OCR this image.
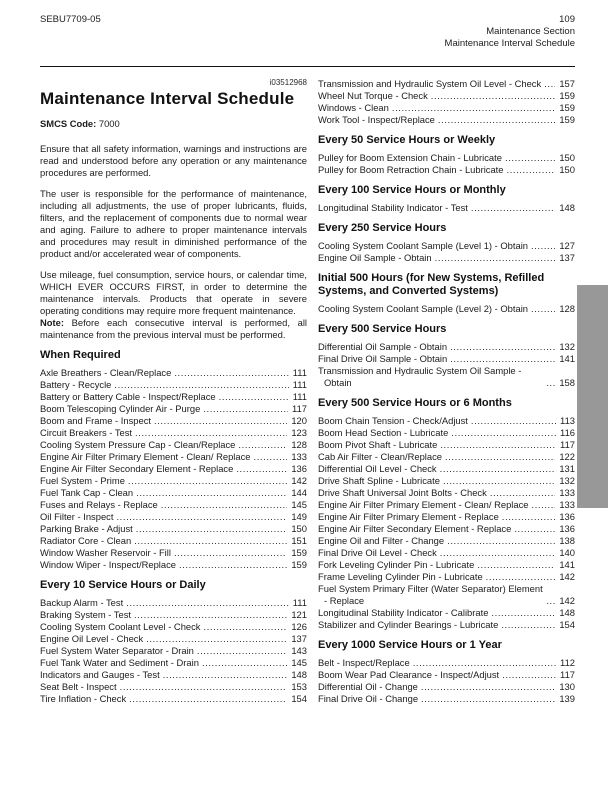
SEBU7709-05	109
Maintenance Section
Maintenance Interval Schedule
i03512968
Maintenance Interval Schedule

SMCS Code: 7000

Ensure that all safety information, warnings and instructions are read and understood before any operation or any maintenance procedures are performed.

The user is responsible for the performance of maintenance, including all adjustments, the use of proper lubricants, fluids, filters, and the replacement of components due to normal wear and aging. Failure to adhere to proper maintenance intervals and procedures may result in diminished performance of the product and/or accelerated wear of components.

Use mileage, fuel consumption, service hours, or calendar time, WHICH EVER OCCURS FIRST, in order to determine the maintenance intervals. Products that operate in severe operating conditions may require more frequent maintenance.

Note: Before each consecutive interval is performed, all maintenance from the previous interval must be performed.

When Required
Axle Breathers - Clean/Replace .....	111
Battery - Recycle .....	111
Battery or Battery Cable - Inspect/Replace .....	111
Boom Telescoping Cylinder Air - Purge .....	117
Boom and Frame - Inspect .....	120
Circuit Breakers - Test .....	123
Cooling System Pressure Cap - Clean/Replace .....	128
Engine Air Filter Primary Element - Clean/ Replace .....	133
Engine Air Filter Secondary Element - Replace .....	136
Fuel System - Prime .....	142
Fuel Tank Cap - Clean .....	144
Fuses and Relays - Replace .....	145
Oil Filter - Inspect .....	149
Parking Brake - Adjust .....	150
Radiator Core - Clean .....	151
Window Washer Reservoir - Fill .....	159
Window Wiper - Inspect/Replace .....	159
Every 10 Service Hours or Daily
Backup Alarm - Test .....	111
Braking System - Test .....	121
Cooling System Coolant Level - Check .....	126
Engine Oil Level - Check .....	137
Fuel System Water Separator - Drain .....	143
Fuel Tank Water and Sediment - Drain .....	145
Indicators and Gauges - Test .....	148
Seat Belt - Inspect .....	153
Tire Inflation - Check .....	154
Transmission and Hydraulic System Oil Level - Check .....	157
Wheel Nut Torque - Check .....	159
Windows - Clean .....	159
Work Tool - Inspect/Replace .....	159
Every 50 Service Hours or Weekly
Pulley for Boom Extension Chain - Lubricate .....	150
Pulley for Boom Retraction Chain - Lubricate .....	150
Every 100 Service Hours or Monthly
Longitudinal Stability Indicator - Test .....	148
Every 250 Service Hours
Cooling System Coolant Sample (Level 1) - Obtain .....	127
Engine Oil Sample - Obtain .....	137
Initial 500 Hours (for New Systems, Refilled Systems, and Converted Systems)
Cooling System Coolant Sample (Level 2) - Obtain .....	128
Every 500 Service Hours
Differential Oil Sample - Obtain .....	132
Final Drive Oil Sample - Obtain .....	141
Transmission and Hydraulic System Oil Sample - Obtain .....	158
Every 500 Service Hours or 6 Months
Boom Chain Tension - Check/Adjust .....	113
Boom Head Section - Lubricate .....	116
Boom Pivot Shaft - Lubricate .....	117
Cab Air Filter - Clean/Replace .....	122
Differential Oil Level - Check .....	131
Drive Shaft Spline - Lubricate .....	132
Drive Shaft Universal Joint Bolts - Check .....	133
Engine Air Filter Primary Element - Clean/ Replace .....	133
Engine Air Filter Primary Element - Replace .....	136
Engine Air Filter Secondary Element - Replace .....	136
Engine Oil and Filter - Change .....	138
Final Drive Oil Level - Check .....	140
Fork Leveling Cylinder Pin - Lubricate .....	141
Frame Leveling Cylinder Pin - Lubricate .....	142
Fuel System Primary Filter (Water Separator) Element - Replace .....	142
Longitudinal Stability Indicator - Calibrate .....	148
Stabilizer and Cylinder Bearings - Lubricate .....	154
Every 1000 Service Hours or 1 Year
Belt - Inspect/Replace .....	112
Boom Wear Pad Clearance - Inspect/Adjust .....	117
Differential Oil - Change .....	130
Final Drive Oil - Change .....	139
